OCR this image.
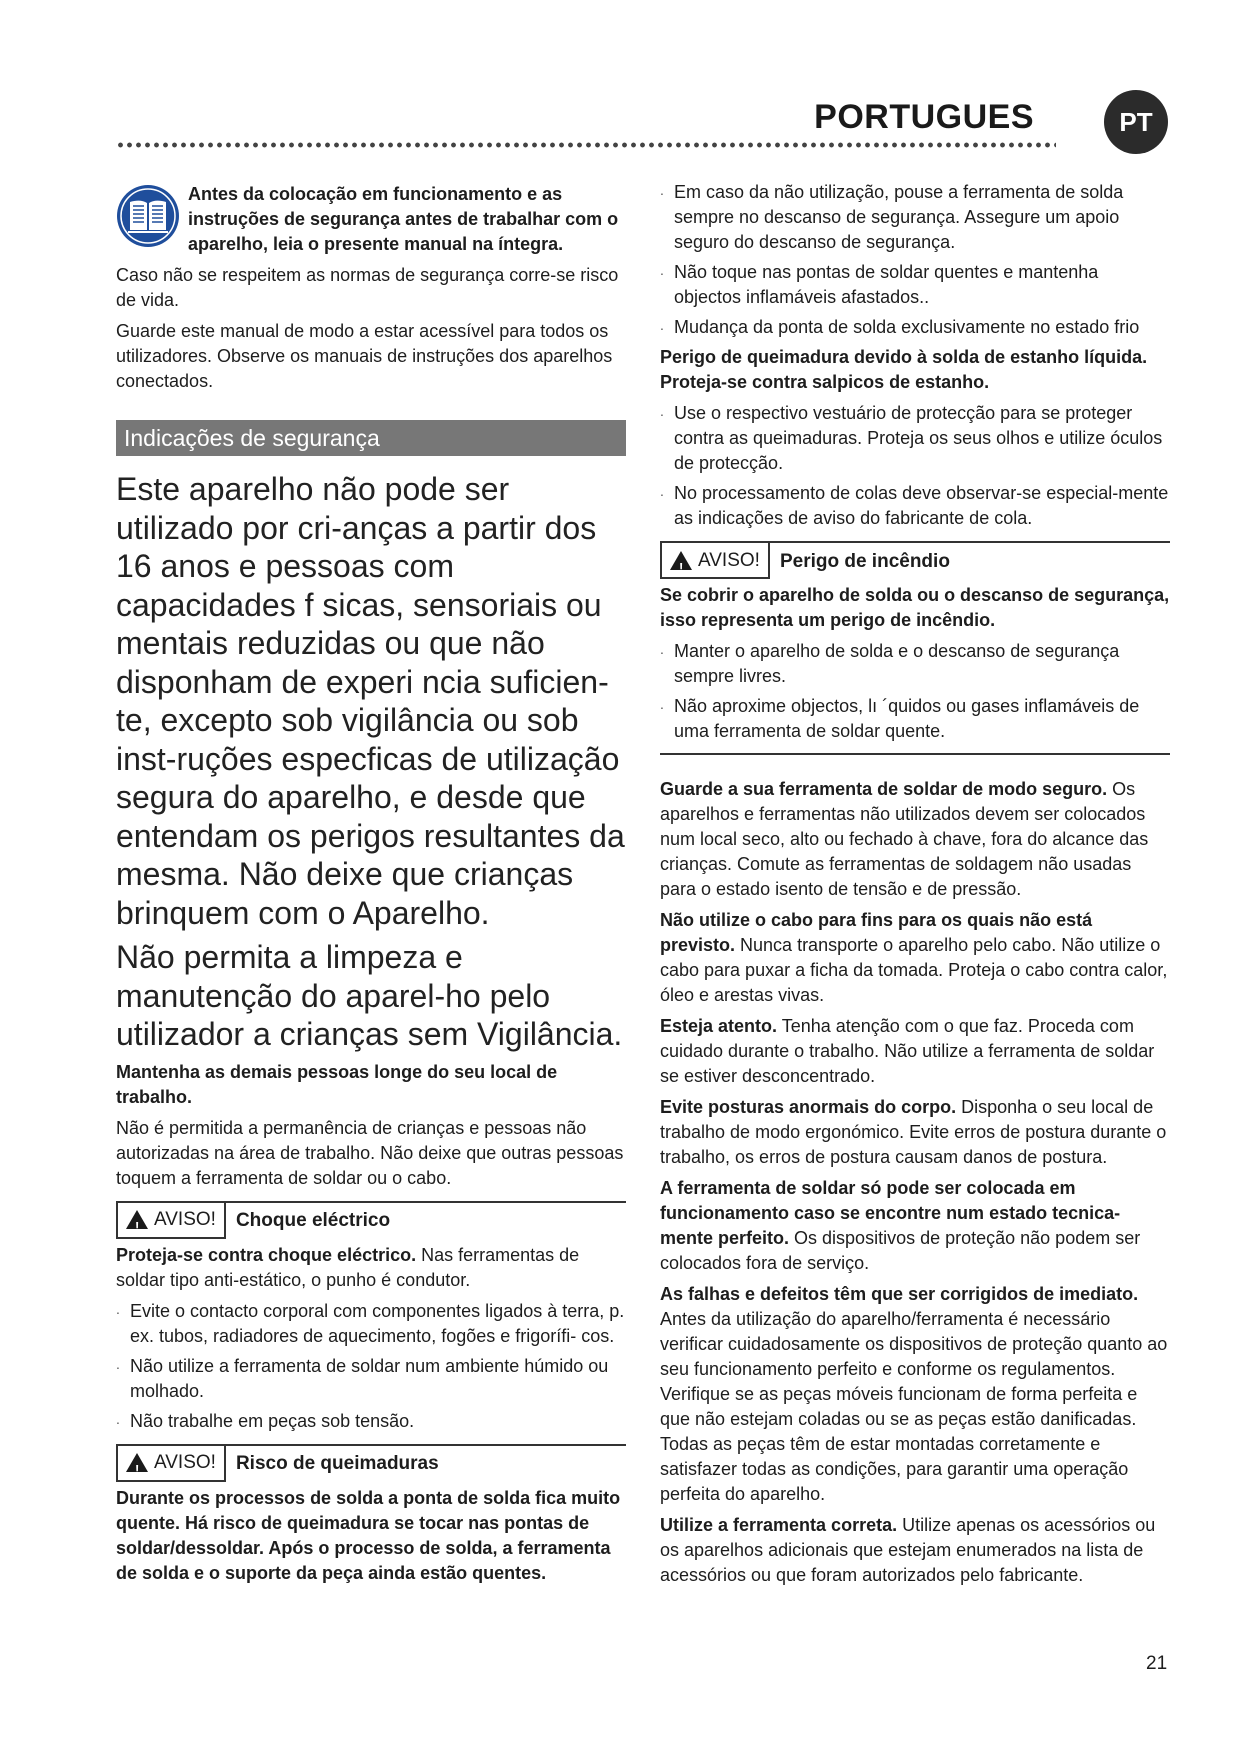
PORTUGUES	PT
Antes da colocação em funcionamento e as instruções de segurança antes de trabalhar com o aparelho, leia o presente manual na íntegra.

Caso não se respeitem as normas de segurança corre-se risco de vida.

Guarde este manual de modo a estar acessível para todos os utilizadores. Observe os manuais de instruções dos aparelhos conectados.

Indicações de segurança

Este aparelho não pode ser utilizado por cri-anças a partir dos 16 anos e pessoas com capacidades f sicas, sensoriais ou mentais reduzidas ou que não disponham de experi ncia suficien-te, excepto sob vigilância ou sob inst-ruções especficas de utilização segura do aparelho, e desde que entendam os perigos resultantes da mesma. Não deixe que crianças brinquem com o Aparelho.

Não permita a limpeza e manutenção do aparel-ho pelo utilizador a crianças sem Vigilância.

Mantenha as demais pessoas longe do seu local de trabalho.

Não é permitida a permanência de crianças e pessoas não autorizadas na área de trabalho. Não deixe que outras pessoas toquem a ferramenta de soldar ou o cabo.

! AVISO!	Choque eléctrico

Proteja-se contra choque eléctrico. Nas ferramentas de soldar tipo anti-estático, o punho é condutor.

. Evite o contacto corporal com componentes ligados à terra, p. ex. tubos, radiadores de aquecimento, fogões e frigorífi- cos.
. Não utilize a ferramenta de soldar num ambiente húmido ou molhado.
. Não trabalhe em peças sob tensão.
! AVISO!	Risco de queimaduras

Durante os processos de solda a ponta de solda fica muito quente. Há risco de queimadura se tocar nas pontas de soldar/dessoldar. Após o processo de solda, a ferramenta de solda e o suporte da peça ainda estão quentes.

. Em caso da não utilização, pouse a ferramenta de solda sempre no descanso de segurança. Assegure um apoio seguro do descanso de segurança.
. Não toque nas pontas de soldar quentes e mantenha objectos inflamáveis afastados..
. Mudança da ponta de solda exclusivamente no estado frio

Perigo de queimadura devido à solda de estanho líquida. Proteja-se contra salpicos de estanho.

. Use o respectivo vestuário de protecção para se proteger contra as queimaduras. Proteja os seus olhos e utilize óculos de protecção.
. No processamento de colas deve observar-se especial-mente as indicações de aviso do fabricante de cola.
! AVISO!	Perigo de incêndio

Se cobrir o aparelho de solda ou o descanso de segurança, isso representa um perigo de incêndio.

. Manter o aparelho de solda e o descanso de segurança sempre livres.
. Não aproxime objectos, lı ´quidos ou gases inflamáveis de uma ferramenta de soldar quente.

Guarde a sua ferramenta de soldar de modo seguro. Os aparelhos e ferramentas não utilizados devem ser colocados num local seco, alto ou fechado à chave, fora do alcance das crianças. Comute as ferramentas de soldagem não usadas para o estado isento de tensão e de pressão.

Não utilize o cabo para fins para os quais não está previsto. Nunca transporte o aparelho pelo cabo. Não utilize o cabo para puxar a ficha da tomada. Proteja o cabo contra calor, óleo e arestas vivas.

Esteja atento. Tenha atenção com o que faz. Proceda com cuidado durante o trabalho. Não utilize a ferramenta de soldar se estiver desconcentrado.

Evite posturas anormais do corpo. Disponha o seu local de trabalho de modo ergonómico. Evite erros de postura durante o trabalho, os erros de postura causam danos de postura.

A ferramenta de soldar só pode ser colocada em funcionamento caso se encontre num estado tecnica-mente perfeito. Os dispositivos de proteção não podem ser colocados fora de serviço.

As falhas e defeitos têm que ser corrigidos de imediato. Antes da utilização do aparelho/ferramenta é necessário verificar cuidadosamente os dispositivos de proteção quanto ao seu funcionamento perfeito e conforme os regulamentos. Verifique se as peças móveis funcionam de forma perfeita e que não estejam coladas ou se as peças estão danificadas. Todas as peças têm de estar montadas corretamente e satisfazer todas as condições, para garantir uma operação perfeita do aparelho.

Utilize a ferramenta correta. Utilize apenas os acessórios ou os aparelhos adicionais que estejam enumerados na lista de acessórios ou que foram autorizados pelo fabricante.

21
